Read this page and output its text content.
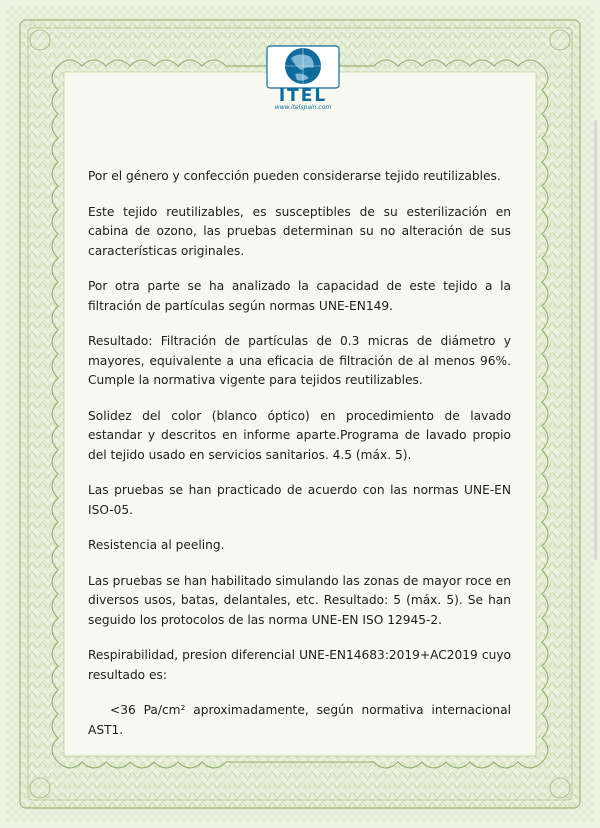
ITEL
www.itelspain.com

Por el género y confección pueden considerarse tejido reutilizables.

Este tejido reutilizables, es susceptibles de su esterilización en cabina de ozono, las pruebas determinan su no alteración de sus características originales.

Por otra parte se ha analizado la capacidad de este tejido a la filtración de partículas según normas UNE-EN149.

Resultado: Filtración de partículas de 0.3 micras de diámetro y mayores, equivalente a una eficacia de filtración de al menos 96%. Cumple la normativa vigente para tejidos reutilizables.

Solidez del color (blanco óptico) en procedimiento de lavado estandar y descritos en informe aparte.Programa de lavado propio del tejido usado en servicios sanitarios. 4.5 (máx. 5).

Las pruebas se han practicado de acuerdo con las normas UNE-EN ISO-05.

Resistencia al peeling.

Las pruebas se han habilitado simulando las zonas de mayor roce en diversos usos, batas, delantales, etc. Resultado: 5 (máx. 5). Se han seguido los protocolos de las norma UNE-EN ISO 12945-2.

Respirabilidad, presion diferencial UNE-EN14683:2019+AC2019 cuyo resultado es:

<36 Pa/cm² aproximadamente, según normativa internacional AST1.
